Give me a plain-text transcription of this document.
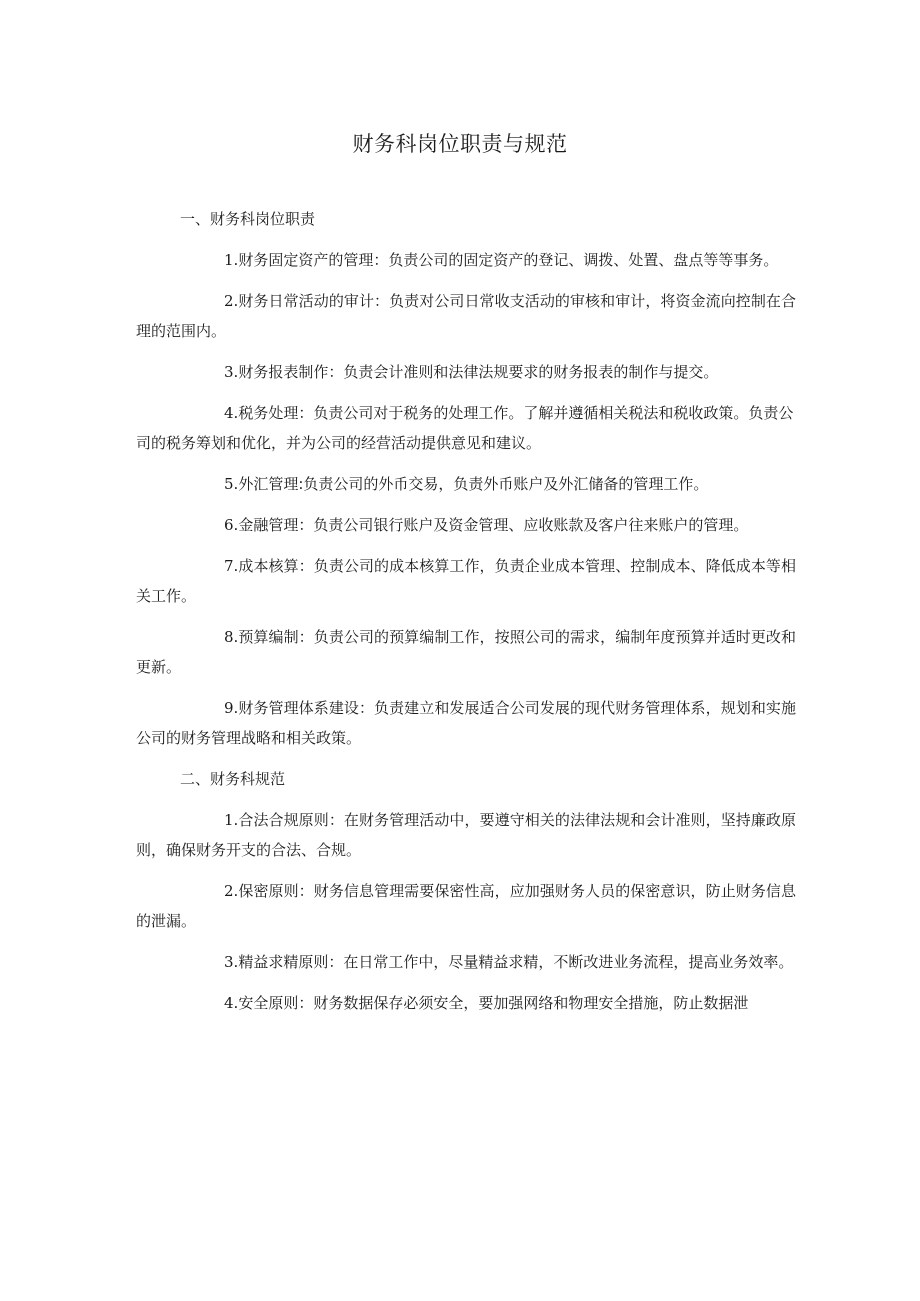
财务科岗位职责与规范

一、财务科岗位职责

1.财务固定资产的管理：负责公司的固定资产的登记、调拨、处置、盘点等等事务。

2.财务日常活动的审计：负责对公司日常收支活动的审核和审计，将资金流向控制在合理的范围内。

3.财务报表制作：负责会计准则和法律法规要求的财务报表的制作与提交。

4.税务处理：负责公司对于税务的处理工作。了解并遵循相关税法和税收政策。负责公司的税务筹划和优化，并为公司的经营活动提供意见和建议。

5.外汇管理:负责公司的外币交易，负责外币账户及外汇储备的管理工作。

6.金融管理：负责公司银行账户及资金管理、应收账款及客户往来账户的管理。

7.成本核算：负责公司的成本核算工作，负责企业成本管理、控制成本、降低成本等相关工作。

8.预算编制：负责公司的预算编制工作，按照公司的需求，编制年度预算并适时更改和更新。

9.财务管理体系建设：负责建立和发展适合公司发展的现代财务管理体系，规划和实施公司的财务管理战略和相关政策。

二、财务科规范

1.合法合规原则：在财务管理活动中，要遵守相关的法律法规和会计准则，坚持廉政原则，确保财务开支的合法、合规。

2.保密原则：财务信息管理需要保密性高，应加强财务人员的保密意识，防止财务信息的泄漏。

3.精益求精原则：在日常工作中，尽量精益求精，不断改进业务流程，提高业务效率。

4.安全原则：财务数据保存必须安全，要加强网络和物理安全措施，防止数据泄
